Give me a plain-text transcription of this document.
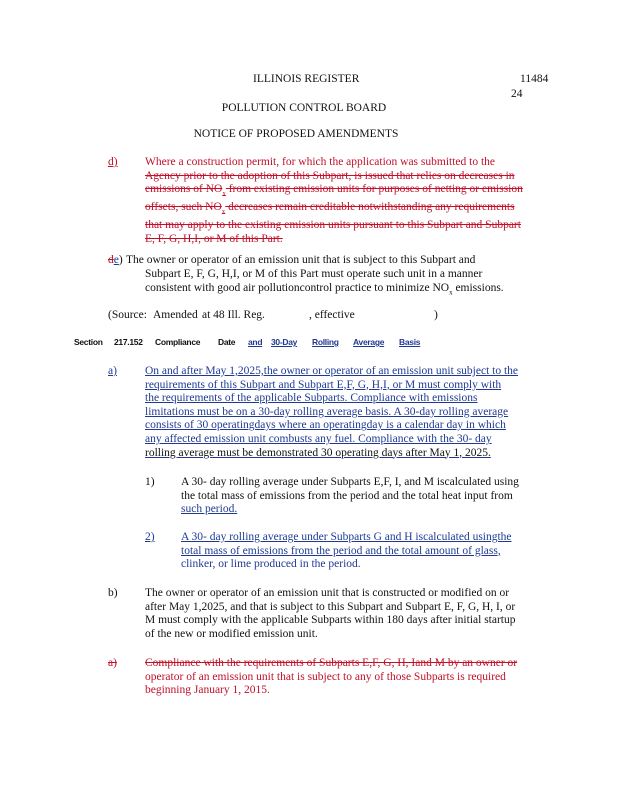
ILLINOIS REGISTER	11484
24
POLLUTION CONTROL BOARD
NOTICE OF PROPOSED AMENDMENTS
d) Where a construction permit, for which the application was submitted to the
Agency prior to the adoption of this Subpart, is issued that relies on decreases in
emissions of $NO_x$ from existing emission units for purposes of netting or emission
offsets, such $NO_x$ decreases remain creditable notwithstanding any requirements
that may apply to the existing emission units pursuant to this Subpart and Subpart
E, F, G, H,I, or M of this Part.
de) The owner or operator of an emission unit that is subject to this Subpart and
Subpart E, F, G, H,I, or M of this Part must operate such unit in a manner
consistent with good air pollutioncontrol practice to minimize $NO_x$ emissions.
(Source: Amended at 48 Ill. Reg.	, effective	)
Section 217.152 Compliance Date and 30-Day Rolling Average Basis
a) On and after May 1,2025,the owner or operator of an emission unit subject to the
requirements of this Subpart and Subpart E,F, G, H,I, or M must comply with
the requirements of the applicable Subparts. Compliance with emissions
limitations must be on a 30-day rolling average basis. A 30-day rolling average
consists of 30 operatingdays where an operatingday is a calendar day in which
any affected emission unit combusts any fuel. Compliance with the 30- day
rolling average must be demonstrated 30 operating days after May 1, 2025.
1) A 30- day rolling average under Subparts E,F, I, and M iscalculated using
the total mass of emissions from the period and the total heat input from
such period.
2) A 30- day rolling average under Subparts G and H iscalculated usingthe
total mass of emissions from the period and the total amount of glass,
clinker, or lime produced in the period.
b) The owner or operator of an emission unit that is constructed or modified on or
after May 1,2025, and that is subject to this Subpart and Subpart E, F, G, H, I, or
M must comply with the applicable Subparts within 180 days after initial startup
of the new or modified emission unit.
a) Compliance with the requirements of Subparts E,F, G, H, Iand M by an owner or
operator of an emission unit that is subject to any of those Subparts is required
beginning January 1, 2015.
